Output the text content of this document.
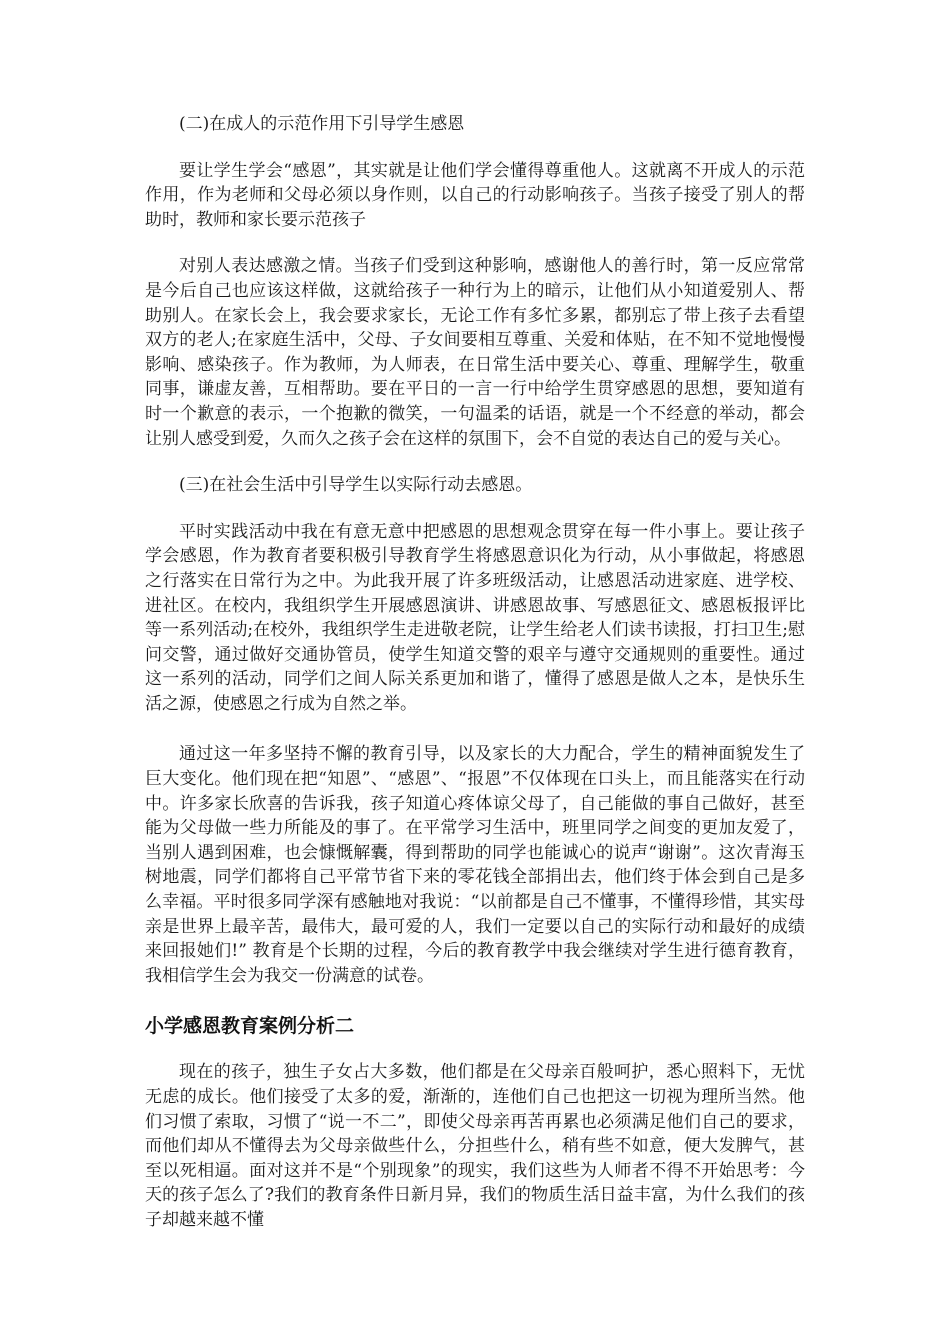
(二)在成人的示范作用下引导学生感恩

要让学生学会“感恩”，其实就是让他们学会懂得尊重他人。这就离不开成人的示范作用，作为老师和父母必须以身作则，以自己的行动影响孩子。当孩子接受了别人的帮助时，教师和家长要示范孩子

对别人表达感激之情。当孩子们受到这种影响，感谢他人的善行时，第一反应常常是今后自己也应该这样做，这就给孩子一种行为上的暗示，让他们从小知道爱别人、帮助别人。在家长会上，我会要求家长，无论工作有多忙多累，都别忘了带上孩子去看望双方的老人;在家庭生活中，父母、子女间要相互尊重、关爱和体贴，在不知不觉地慢慢影响、感染孩子。作为教师，为人师表，在日常生活中要关心、尊重、理解学生，敬重同事，谦虚友善，互相帮助。要在平日的一言一行中给学生贯穿感恩的思想，要知道有时一个歉意的表示，一个抱歉的微笑，一句温柔的话语，就是一个不经意的举动，都会让别人感受到爱，久而久之孩子会在这样的氛围下，会不自觉的表达自己的爱与关心。

(三)在社会生活中引导学生以实际行动去感恩。

平时实践活动中我在有意无意中把感恩的思想观念贯穿在每一件小事上。要让孩子学会感恩，作为教育者要积极引导教育学生将感恩意识化为行动，从小事做起，将感恩之行落实在日常行为之中。为此我开展了许多班级活动，让感恩活动进家庭、进学校、进社区。在校内，我组织学生开展感恩演讲、讲感恩故事、写感恩征文、感恩板报评比等一系列活动;在校外，我组织学生走进敬老院，让学生给老人们读书读报，打扫卫生;慰问交警，通过做好交通协管员，使学生知道交警的艰辛与遵守交通规则的重要性。通过这一系列的活动，同学们之间人际关系更加和谐了，懂得了感恩是做人之本，是快乐生活之源，使感恩之行成为自然之举。

通过这一年多坚持不懈的教育引导，以及家长的大力配合，学生的精神面貌发生了巨大变化。他们现在把“知恩”、“感恩”、“报恩”不仅体现在口头上，而且能落实在行动中。许多家长欣喜的告诉我，孩子知道心疼体谅父母了，自己能做的事自己做好，甚至能为父母做一些力所能及的事了。在平常学习生活中，班里同学之间变的更加友爱了，当别人遇到困难，也会慷慨解囊，得到帮助的同学也能诚心的说声“谢谢”。这次青海玉树地震，同学们都将自己平常节省下来的零花钱全部捐出去，他们终于体会到自己是多么幸福。平时很多同学深有感触地对我说：“以前都是自己不懂事，不懂得珍惜，其实母亲是世界上最辛苦，最伟大，最可爱的人，我们一定要以自己的实际行动和最好的成绩来回报她们!” 教育是个长期的过程，今后的教育教学中我会继续对学生进行德育教育，我相信学生会为我交一份满意的试卷。

小学感恩教育案例分析二

现在的孩子，独生子女占大多数，他们都是在父母亲百般呵护，悉心照料下，无忧无虑的成长。他们接受了太多的爱，渐渐的，连他们自己也把这一切视为理所当然。他们习惯了索取，习惯了“说一不二”，即使父母亲再苦再累也必须满足他们自己的要求，而他们却从不懂得去为父母亲做些什么，分担些什么，稍有些不如意，便大发脾气，甚至以死相逼。面对这并不是“个别现象”的现实，我们这些为人师者不得不开始思考：今天的孩子怎么了?我们的教育条件日新月异，我们的物质生活日益丰富，为什么我们的孩子却越来越不懂
